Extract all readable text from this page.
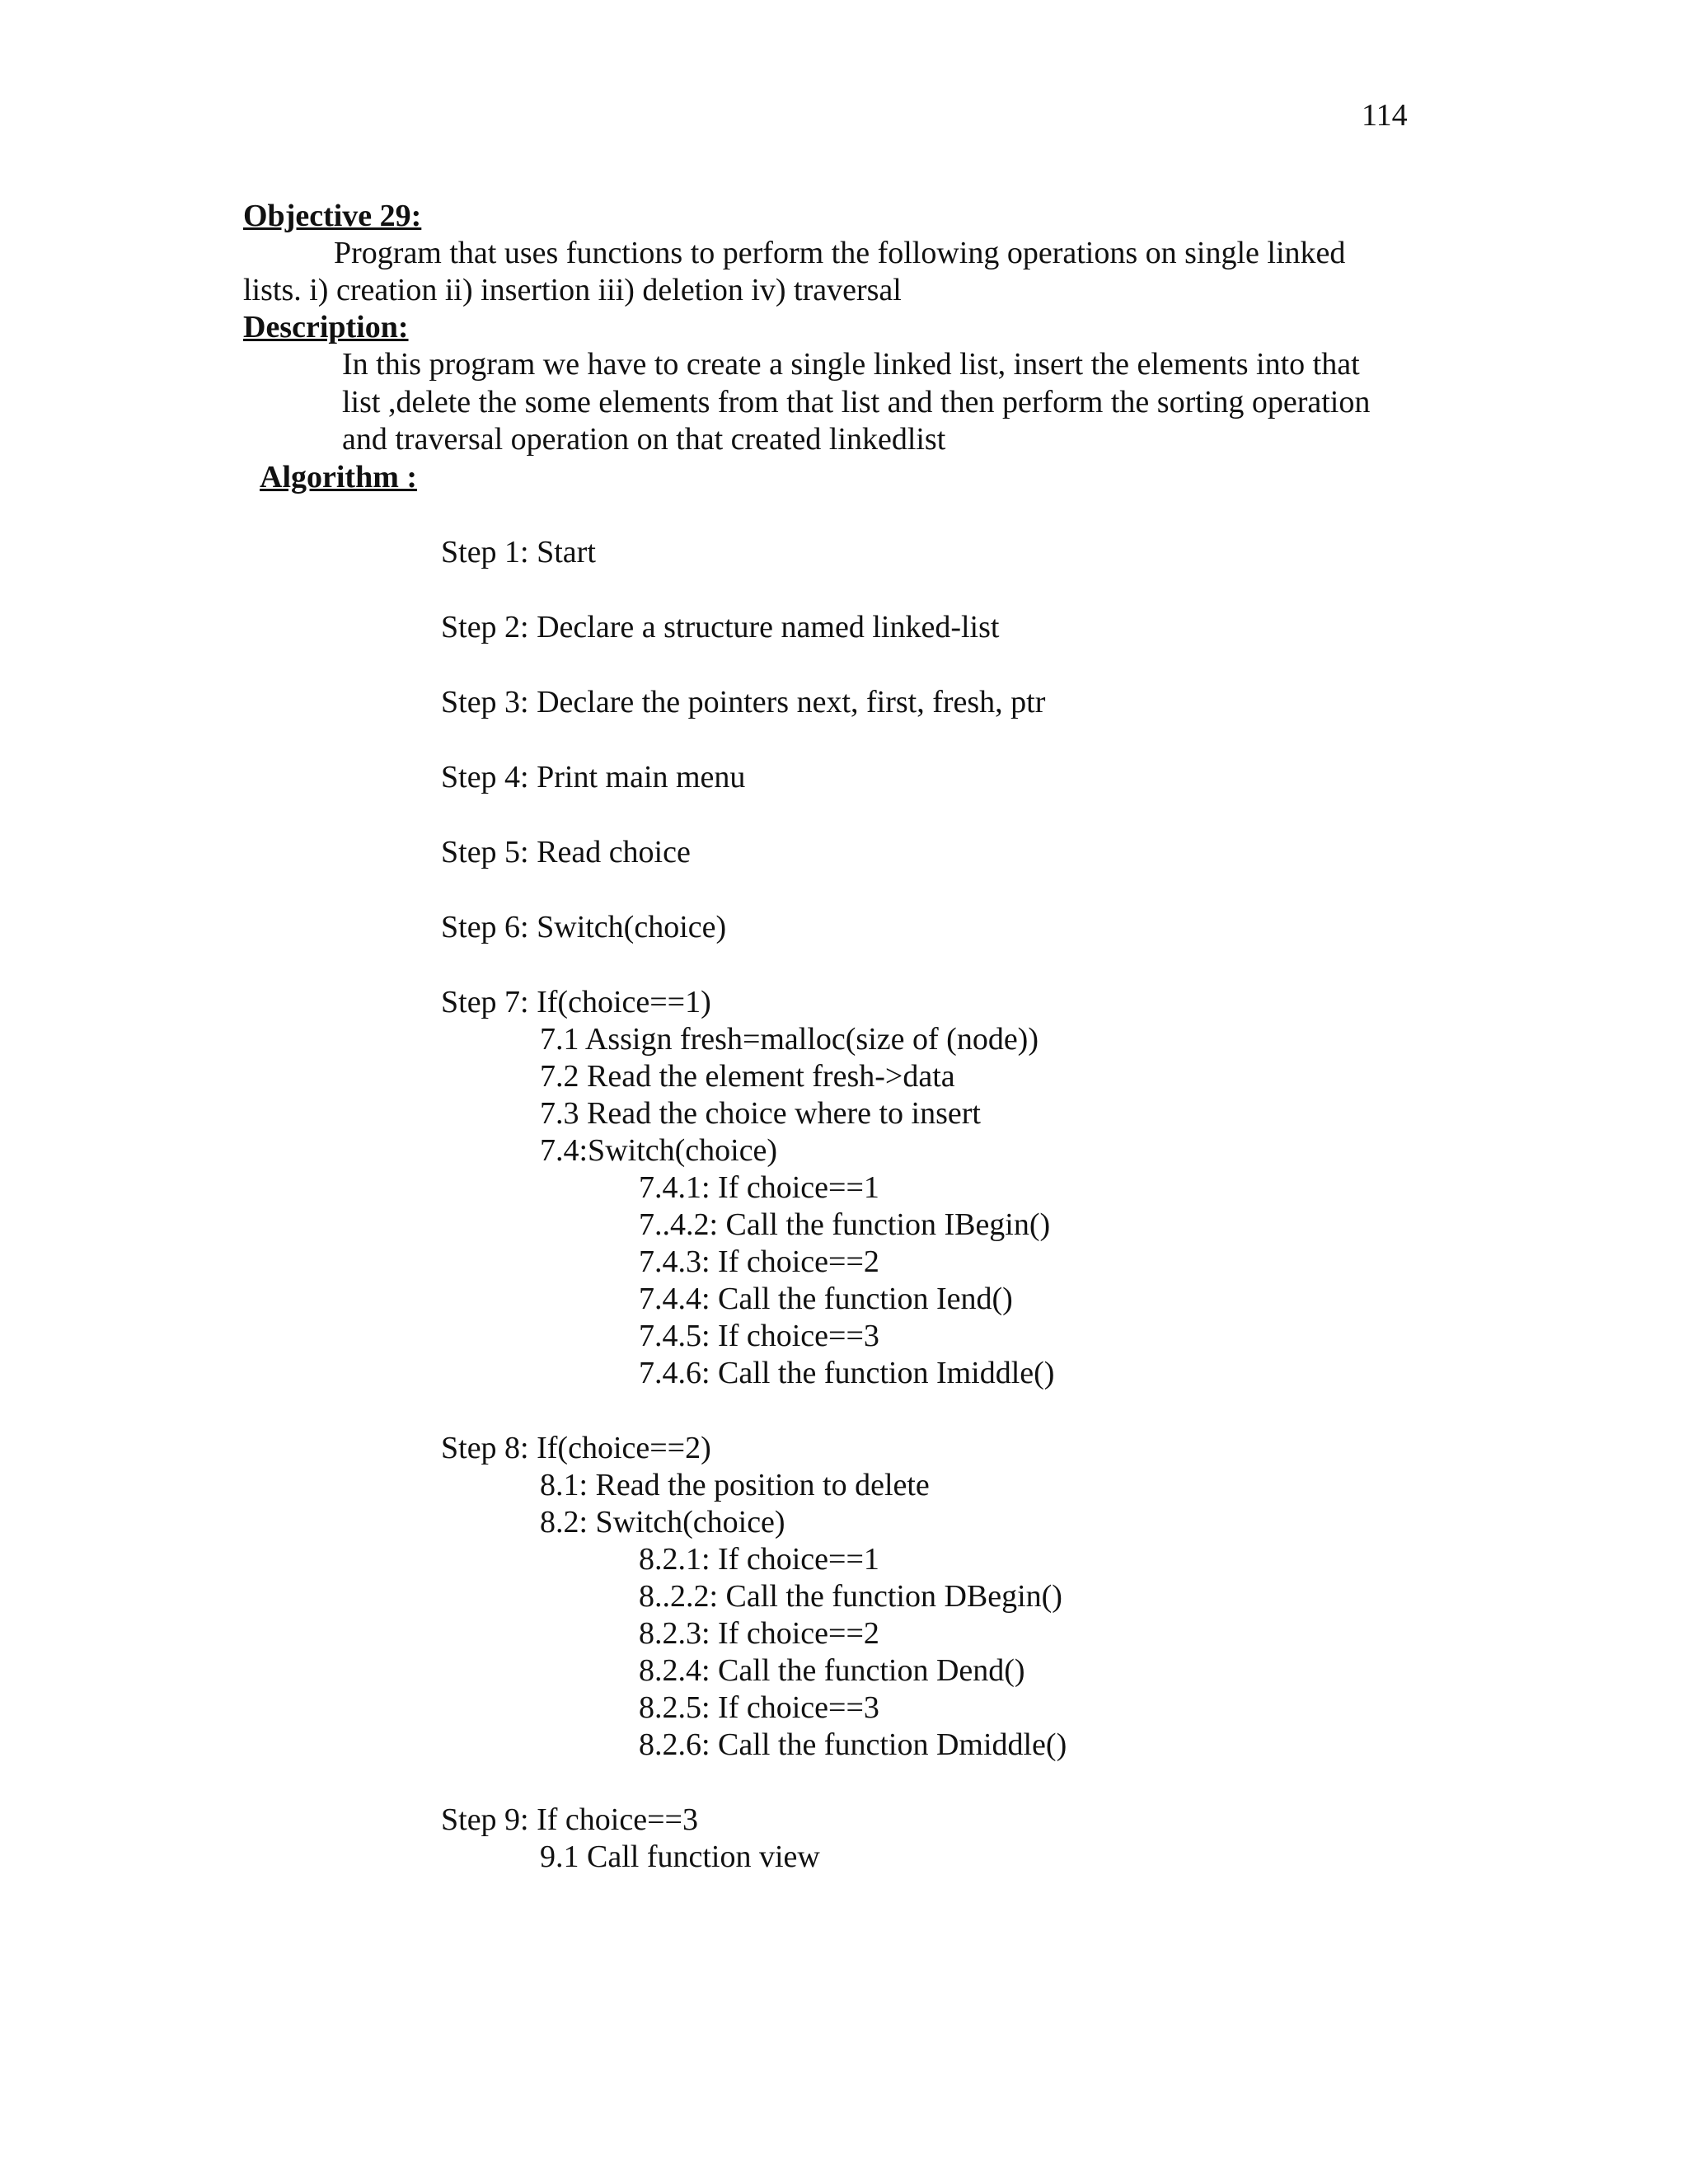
114
Objective 29:
Program that uses functions to perform the following operations on single linked
lists. i) creation ii) insertion iii) deletion iv) traversal
Description:
In this program we have to create a single linked list, insert the elements into that
list ,delete the some elements from that list and then perform the sorting operation
and traversal operation on that created linkedlist
Algorithm :
Step 1: Start
Step 2: Declare a structure named linked-list
Step 3: Declare the pointers next, first, fresh, ptr
Step 4: Print main menu
Step 5: Read choice
Step 6: Switch(choice)
Step 7: If(choice==1)
7.1 Assign fresh=malloc(size of (node))
7.2 Read the element fresh->data
7.3 Read the choice where to insert
7.4:Switch(choice)
7.4.1: If choice==1
7..4.2: Call the function IBegin()
7.4.3: If choice==2
7.4.4: Call the function Iend()
7.4.5: If choice==3
7.4.6: Call the function Imiddle()
Step 8: If(choice==2)
8.1: Read the position to delete
8.2: Switch(choice)
8.2.1: If choice==1
8..2.2: Call the function DBegin()
8.2.3: If choice==2
8.2.4: Call the function Dend()
8.2.5: If choice==3
8.2.6: Call the function Dmiddle()
Step 9: If choice==3
9.1 Call function view
